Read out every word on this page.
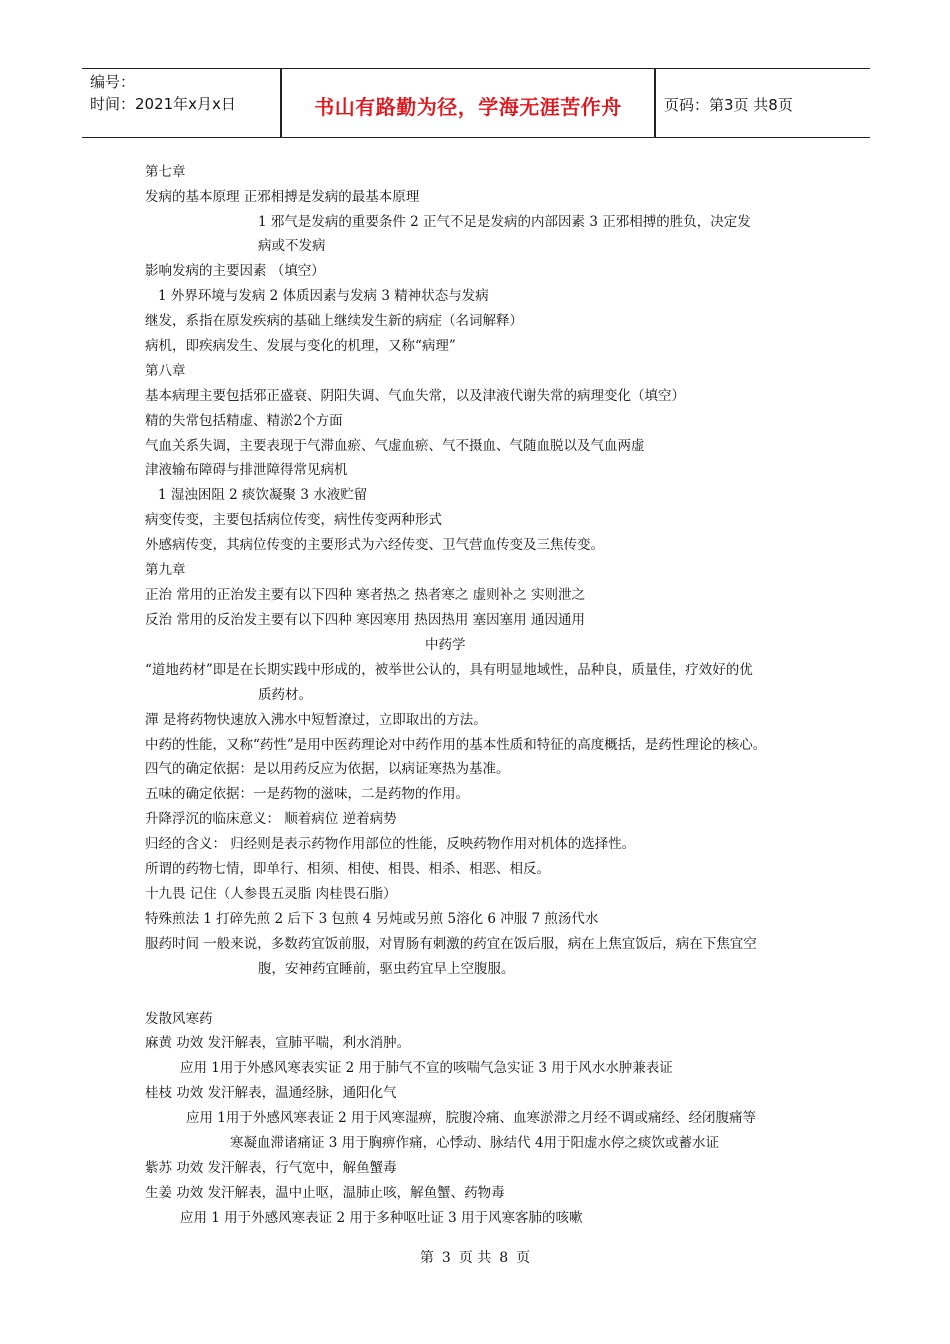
编号：
时间：2021年x月x日	书山有路勤为径，学海无涯苦作舟	页码：第3页 共8页
第七章
发病的基本原理 正邪相搏是发病的最基本原理
1 邪气是发病的重要条件 2 正气不足是发病的内部因素 3 正邪相搏的胜负，决定发
病或不发病
影响发病的主要因素 （填空）
1 外界环境与发病 2 体质因素与发病 3 精神状态与发病
继发，系指在原发疾病的基础上继续发生新的病症（名词解释）
病机，即疾病发生、发展与变化的机理，又称“病理”
第八章
基本病理主要包括邪正盛衰、阴阳失调、气血失常，以及津液代谢失常的病理变化（填空）
精的失常包括精虚、精淤2个方面
气血关系失调，主要表现于气滞血瘀、气虚血瘀、气不摄血、气随血脱以及气血两虚
津液输布障碍与排泄障得常见病机
1 湿浊困阻 2 痰饮凝聚 3 水液贮留
病变传变，主要包括病位传变，病性传变两种形式
外感病传变，其病位传变的主要形式为六经传变、卫气营血传变及三焦传变。
第九章
正治 常用的正治发主要有以下四种 寒者热之 热者寒之 虚则补之 实则泄之
反治 常用的反治发主要有以下四种 寒因寒用 热因热用 塞因塞用 通因通用
中药学
“道地药材”即是在长期实践中形成的，被举世公认的，具有明显地域性，品种良，质量佳，疗效好的优
质药材。
潬 是将药物快速放入沸水中短暂潦过，立即取出的方法。
中药的性能，又称“药性”是用中医药理论对中药作用的基本性质和特征的高度概括，是药性理论的核心。
四气的确定依据：是以用药反应为依据，以病证寒热为基准。
五味的确定依据：一是药物的滋味，二是药物的作用。
升降浮沉的临床意义： 顺着病位 逆着病势
归经的含义： 归经则是表示药物作用部位的性能，反映药物作用对机体的选择性。
所谓的药物七情，即单行、相须、相使、相畏、相杀、相恶、相反。
十九畏 记住（人参畏五灵脂 肉桂畏石脂）
特殊煎法 1 打碎先煎 2 后下 3 包煎 4 另炖或另煎 5溶化 6 冲服 7 煎汤代水
服药时间 一般来说，多数药宜饭前服，对胃肠有刺激的药宜在饭后服，病在上焦宜饭后，病在下焦宜空
腹，安神药宜睡前，驱虫药宜早上空腹服。
发散风寒药
麻黄 功效 发汗解表，宣肺平喘，利水消肿。
应用 1用于外感风寒表实证 2 用于肺气不宣的咳喘气急实证 3 用于风水水肿兼表证
桂枝 功效 发汗解表，温通经脉，通阳化气
应用 1用于外感风寒表证 2 用于风寒湿痹，脘腹冷痛、血寒淤滞之月经不调或痛经、经闭腹痛等
寒凝血滞诸痛证 3 用于胸痹作痛，心悸动、脉结代 4用于阳虚水停之痰饮或蓄水证
紫苏 功效 发汗解表，行气宽中，解鱼蟹毒
生姜 功效 发汗解表，温中止呕，温肺止咳，解鱼蟹、药物毒
应用 1 用于外感风寒表证 2 用于多种呕吐证 3 用于风寒客肺的咳嗽
第 3 页 共 8 页
